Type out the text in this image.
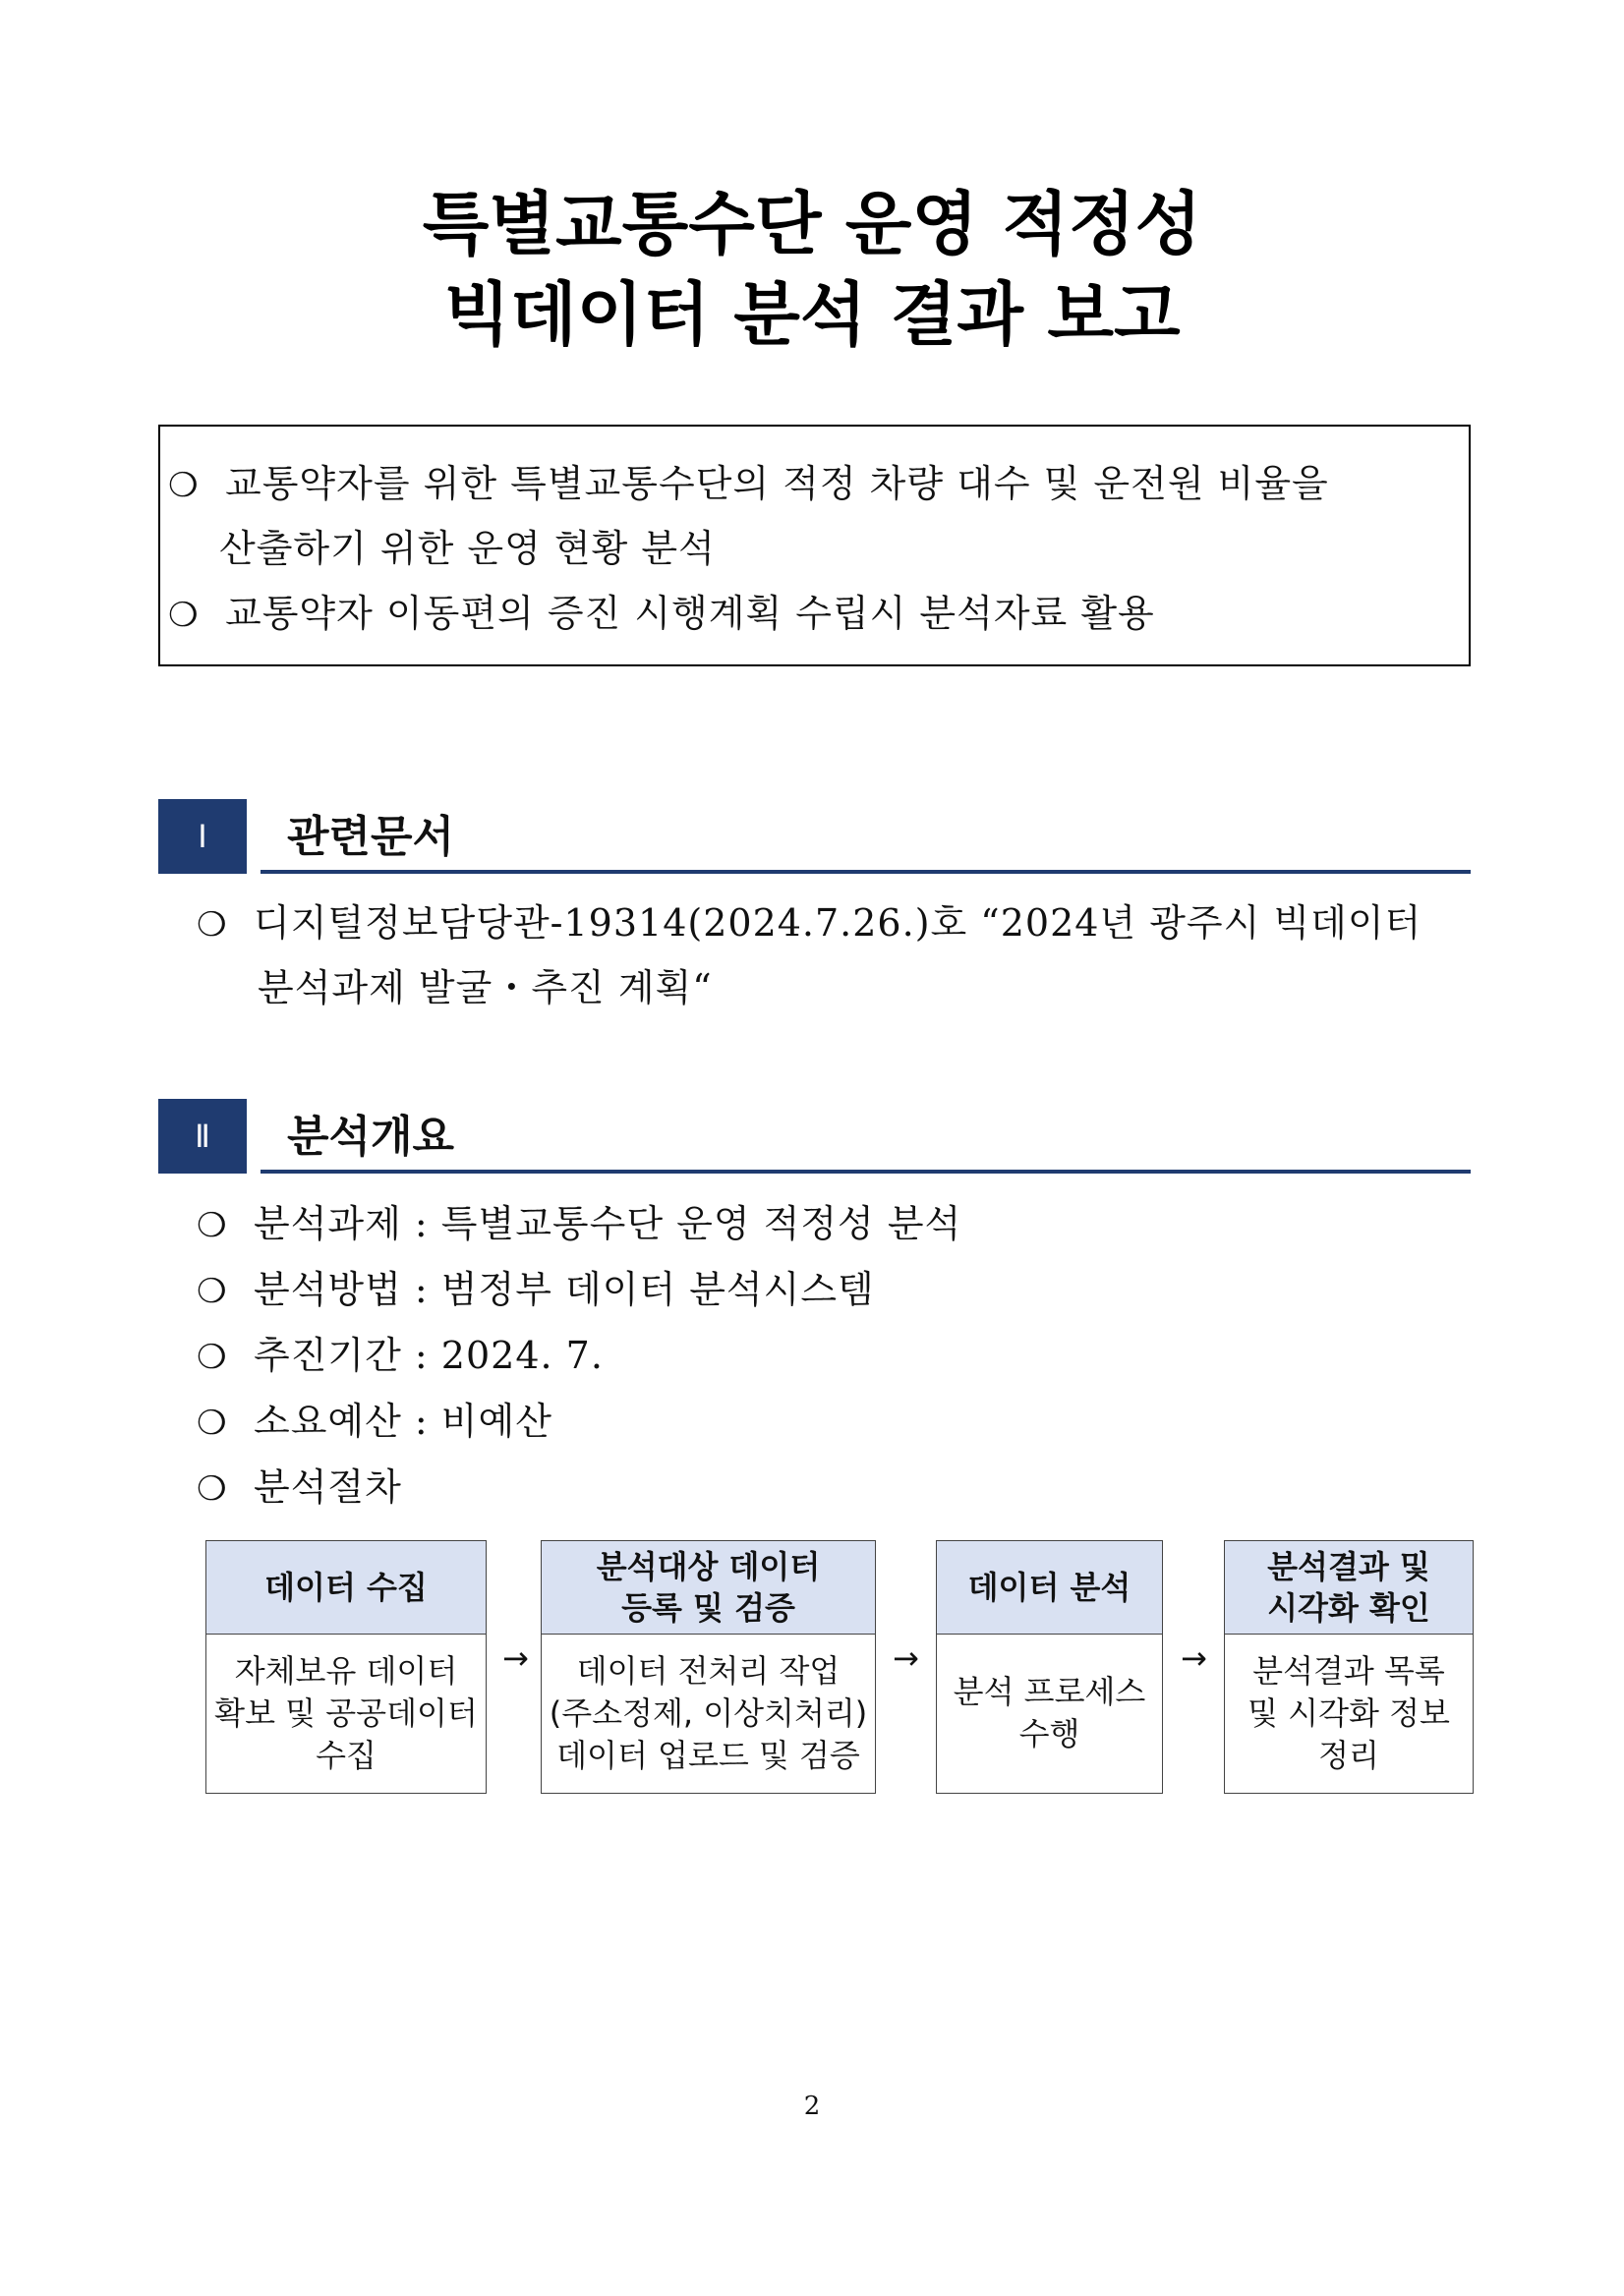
특별교통수단 운영 적정성
빅데이터 분석 결과 보고
❍ 교통약자를 위한 특별교통수단의 적정 차량 대수 및 운전원 비율을
산출하기 위한 운영 현황 분석
❍ 교통약자 이동편의 증진 시행계획 수립시 분석자료 활용
Ⅰ	관련문서
❍ 디지털정보담당관-19314(2024.7.26.)호 “2024년 광주시 빅데이터
분석과제 발굴・추진 계획“
Ⅱ	분석개요
❍ 분석과제 : 특별교통수단 운영 적정성 분석
❍ 분석방법 : 범정부 데이터 분석시스템
❍ 추진기간 : 2024. 7.
❍ 소요예산 : 비예산
❍ 분석절차
데이터 수집
자체보유 데이터
확보 및 공공데이터
수집
→
분석대상 데이터
등록 및 검증
데이터 전처리 작업
(주소정제, 이상치처리)
데이터 업로드 및 검증
→
데이터 분석
분석 프로세스
수행
→
분석결과 및
시각화 확인
분석결과 목록
및 시각화 정보
정리
2
